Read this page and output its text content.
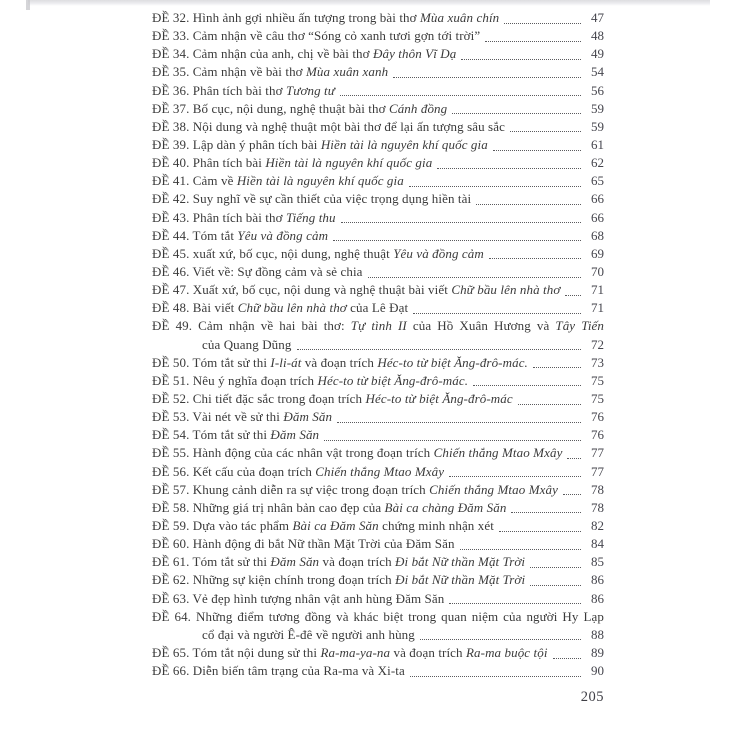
ĐỀ 32. Hình ảnh gợi nhiều ấn tượng trong bài thơ Mùa xuân chín	47
ĐỀ 33. Cảm nhận về câu thơ “Sóng cỏ xanh tươi gợn tới trời”	48
ĐỀ 34. Cảm nhận của anh, chị về bài thơ Đây thôn Vĩ Dạ	49
ĐỀ 35. Cảm nhận về bài thơ Mùa xuân xanh	54
ĐỀ 36. Phân tích bài thơ Tương tư	56
ĐỀ 37. Bố cục, nội dung, nghệ thuật bài thơ Cánh đồng	59
ĐỀ 38. Nội dung và nghệ thuật một bài thơ để lại ấn tượng sâu sắc	59
ĐỀ 39. Lập dàn ý phân tích bài Hiền tài là nguyên khí quốc gia	61
ĐỀ 40. Phân tích bài Hiền tài là nguyên khí quốc gia	62
ĐỀ 41. Cảm về Hiền tài là nguyên khí quốc gia	65
ĐỀ 42. Suy nghĩ về sự cần thiết của việc trọng dụng hiền tài	66
ĐỀ 43. Phân tích bài thơ Tiếng thu	66
ĐỀ 44. Tóm tắt Yêu và đồng cảm	68
ĐỀ 45. xuất xứ, bố cục, nội dung, nghệ thuật Yêu và đồng cảm	69
ĐỀ 46. Viết về: Sự đồng cảm và sẻ chia	70
ĐỀ 47. Xuất xứ, bố cục, nội dung và nghệ thuật bài viết Chữ bầu lên nhà thơ	71
ĐỀ 48. Bài viết Chữ bầu lên nhà thơ của Lê Đạt	71
ĐỀ 49. Cảm nhận về hai bài thơ: Tự tình II của Hồ Xuân Hương và Tây Tiến
của Quang Dũng	72
ĐỀ 50. Tóm tắt sử thi I-li-át và đoạn trích Héc-to từ biệt Ăng-đrô-mác.	73
ĐỀ 51. Nêu ý nghĩa đoạn trích Héc-to từ biệt Ăng-đrô-mác.	75
ĐỀ 52. Chi tiết đặc sắc trong đoạn trích Héc-to từ biệt Ăng-đrô-mác	75
ĐỀ 53. Vài nét về sử thi Đăm Săn	76
ĐỀ 54. Tóm tắt sử thi Đăm Săn	76
ĐỀ 55. Hành động của các nhân vật trong đoạn trích Chiến thắng Mtao Mxây	77
ĐỀ 56. Kết cấu của đoạn trích Chiến thắng Mtao Mxây	77
ĐỀ 57. Khung cảnh diễn ra sự việc trong đoạn trích Chiến thắng Mtao Mxây	78
ĐỀ 58. Những giá trị nhân bản cao đẹp của Bài ca chàng Đăm Săn	78
ĐỀ 59. Dựa vào tác phẩm Bài ca Đăm Săn chứng minh nhận xét	82
ĐỀ 60. Hành động đi bắt Nữ thần Mặt Trời của Đăm Săn	84
ĐỀ 61. Tóm tắt sử thi Đăm Săn và đoạn trích Đi bắt Nữ thần Mặt Trời	85
ĐỀ 62. Những sự kiện chính trong đoạn trích Đi bắt Nữ thần Mặt Trời	86
ĐỀ 63. Vẻ đẹp hình tượng nhân vật anh hùng Đăm Săn	86
ĐỀ 64. Những điểm tương đồng và khác biệt trong quan niệm của người Hy Lạp
cổ đại và người Ê-đê về người anh hùng	88
ĐỀ 65. Tóm tắt nội dung sử thi Ra-ma-ya-na và đoạn trích Ra-ma buộc tội	89
ĐỀ 66. Diễn biến tâm trạng của Ra-ma và Xi-ta	90
205
